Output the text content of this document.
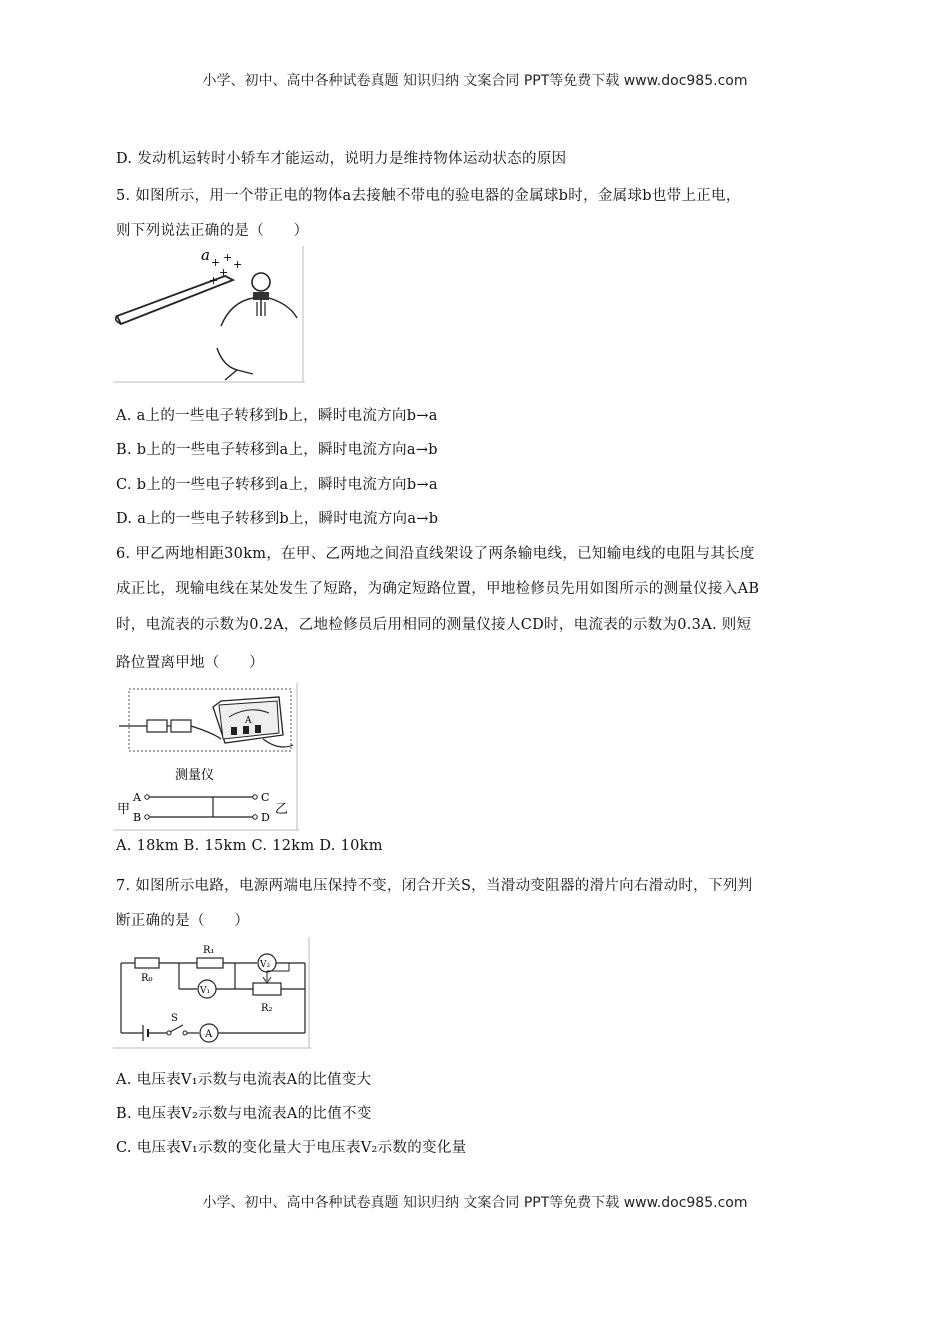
小学、初中、高中各种试卷真题 知识归纳 文案合同 PPT等免费下载 www.doc985.com
D. 发动机运转时小轿车才能运动，说明力是维持物体运动状态的原因
5. 如图所示，用一个带正电的物体a去接触不带电的验电器的金属球b时，金属球b也带上正电，
则下列说法正确的是（　　）
a + +
+
+
+
A. a上的一些电子转移到b上，瞬时电流方向b→a
B. b上的一些电子转移到a上，瞬时电流方向a→b
C. b上的一些电子转移到a上，瞬时电流方向b→a
D. a上的一些电子转移到b上，瞬时电流方向a→b
6. 甲乙两地相距30km，在甲、乙两地之间沿直线架设了两条输电线，已知输电线的电阻与其长度
成正比，现输电线在某处发生了短路，为确定短路位置，甲地检修员先用如图所示的测量仪接入AB
时，电流表的示数为0.2A，乙地检修员后用相同的测量仪接人CD时，电流表的示数为0.3A. 则短
路位置离甲地（　　）
A
测量仪
甲
A
B
C
D
乙
A. 18km B. 15km C. 12km D. 10km
7. 如图所示电路，电源两端电压保持不变，闭合开关S，当滑动变阻器的滑片向右滑动时，下列判
断正确的是（　　）
R₀
R₁
V₂
V₁
R₂
S
A
A. 电压表V₁示数与电流表A的比值变大
B. 电压表V₂示数与电流表A的比值不变
C. 电压表V₁示数的变化量大于电压表V₂示数的变化量
小学、初中、高中各种试卷真题 知识归纳 文案合同 PPT等免费下载 www.doc985.com
